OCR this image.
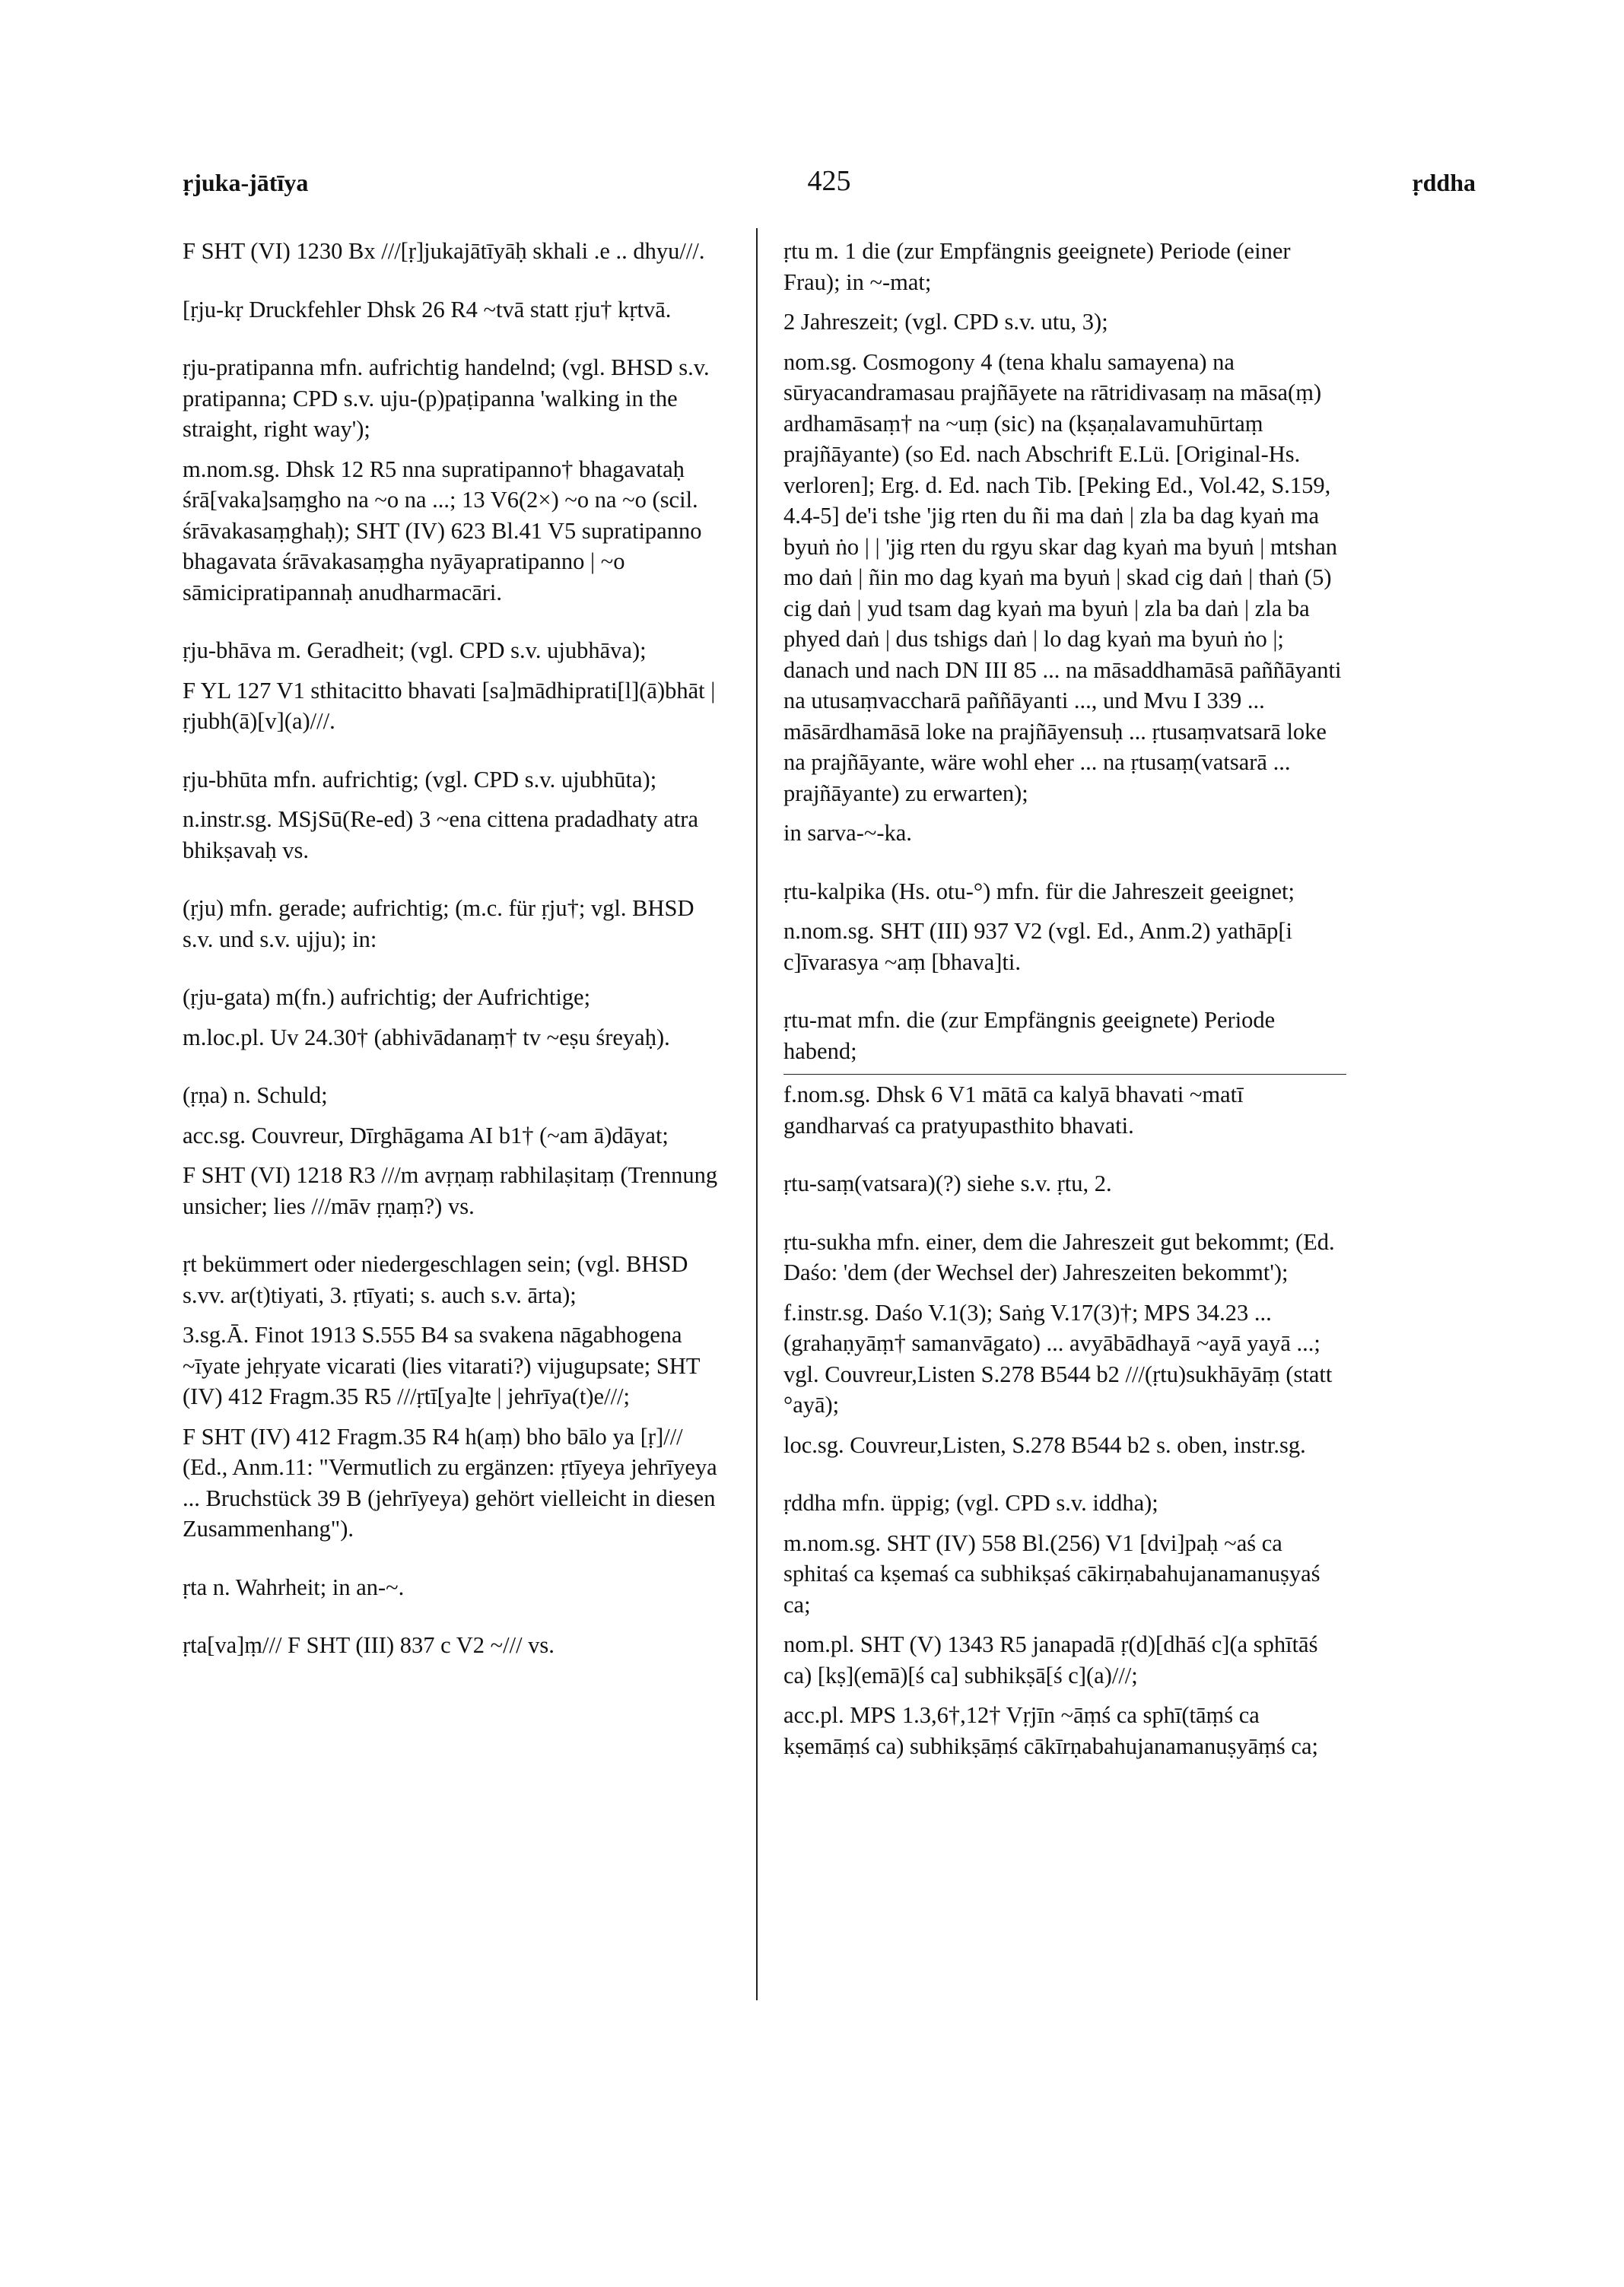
ṛjuka-jātīya	425	ṛddha

F SHT (VI) 1230 Bx ///[ṛ]jukajātīyāḥ skhali .e .. dhyu///.

[ṛju-kṛ Druckfehler Dhsk 26 R4 ~tvā statt ṛju† kṛtvā.

ṛju-pratipanna mfn. aufrichtig handelnd; (vgl. BHSD s.v. pratipanna; CPD s.v. uju-(p)paṭipanna 'walking in the straight, right way');

m.nom.sg. Dhsk 12 R5 nna supratipanno† bhagavataḥ śrā[vaka]saṃgho na ~o na ...; 13 V6(2×) ~o na ~o (scil. śrāvakasaṃghaḥ); SHT (IV) 623 Bl.41 V5 supratipanno bhagavata śrāvakasaṃgha nyāyapratipanno | ~o sāmicipratipannaḥ anudharmacāri.

ṛju-bhāva m. Geradheit; (vgl. CPD s.v. ujubhāva);

F YL 127 V1 sthitacitto bhavati [sa]mādhiprati[l](ā)bhāt | ṛjubh(ā)[v](a)///.

ṛju-bhūta mfn. aufrichtig; (vgl. CPD s.v. ujubhūta);

n.instr.sg. MSjSū(Re-ed) 3 ~ena cittena pradadhaty atra bhikṣavaḥ vs.

(ṛju) mfn. gerade; aufrichtig; (m.c. für ṛju†; vgl. BHSD s.v. und s.v. ujju); in:

(ṛju-gata) m(fn.) aufrichtig; der Aufrichtige;

m.loc.pl. Uv 24.30† (abhivādanaṃ† tv ~eṣu śreyaḥ).

(ṛṇa) n. Schuld;

acc.sg. Couvreur, Dīrghāgama AI b1† (~am ā)dāyat;

F SHT (VI) 1218 R3 ///m avṛṇaṃ rabhilaṣitaṃ (Trennung unsicher; lies ///māv ṛṇaṃ?) vs.

ṛt bekümmert oder niedergeschlagen sein; (vgl. BHSD s.vv. ar(t)tiyati, 3. ṛtīyati; s. auch s.v. ārta);

3.sg.Ā. Finot 1913 S.555 B4 sa svakena nāgabhogena ~īyate jehṛyate vicarati (lies vitarati?) vijugupsate; SHT (IV) 412 Fragm.35 R5 ///ṛtī[ya]te | jehrīya(t)e///;

F SHT (IV) 412 Fragm.35 R4 h(aṃ) bho bālo ya [ṛ]/// (Ed., Anm.11: "Vermutlich zu ergänzen: ṛtīyeya jehrīyeya ... Bruchstück 39 B (jehrīyeya) gehört vielleicht in diesen Zusammenhang").

ṛta n. Wahrheit; in an-~.

ṛta[va]ṃ/// F SHT (III) 837 c V2 ~/// vs.

ṛtu m. 1 die (zur Empfängnis geeignete) Periode (einer Frau); in ~-mat;

2 Jahreszeit; (vgl. CPD s.v. utu, 3);

nom.sg. Cosmogony 4 (tena khalu samayena) na sūryacandramasau prajñāyete na rātridivasaṃ na māsa(ṃ) ardhamāsaṃ† na ~uṃ (sic) na (kṣaṇalavamuhūrtaṃ prajñāyante) (so Ed. nach Abschrift E.Lü. [Original-Hs. verloren]; Erg. d. Ed. nach Tib. [Peking Ed., Vol.42, S.159, 4.4-5] de'i tshe 'jig rten du ñi ma daṅ | zla ba dag kyaṅ ma byuṅ ṅo | | 'jig rten du rgyu skar dag kyaṅ ma byuṅ | mtshan mo daṅ | ñin mo dag kyaṅ ma byuṅ | skad cig daṅ | thaṅ (5) cig daṅ | yud tsam dag kyaṅ ma byuṅ | zla ba daṅ | zla ba phyed daṅ | dus tshigs daṅ | lo dag kyaṅ ma byuṅ ṅo |; danach und nach DN III 85 ... na māsaddhamāsā paññāyanti na utusaṃvaccharā paññāyanti ..., und Mvu I 339 ... māsārdhamāsā loke na prajñāyensuḥ ... ṛtusaṃvatsarā loke na prajñāyante, wäre wohl eher ... na ṛtusaṃ(vatsarā ... prajñāyante) zu erwarten);

in sarva-~-ka.

ṛtu-kalpika (Hs. otu-°) mfn. für die Jahreszeit geeignet;

n.nom.sg. SHT (III) 937 V2 (vgl. Ed., Anm.2) yathāp[i c]īvarasya ~aṃ [bhava]ti.

ṛtu-mat mfn. die (zur Empfängnis geeignete) Periode habend;

f.nom.sg. Dhsk 6 V1 mātā ca kalyā bhavati ~matī gandharvaś ca pratyupasthito bhavati.

ṛtu-saṃ(vatsara)(?) siehe s.v. ṛtu, 2.

ṛtu-sukha mfn. einer, dem die Jahreszeit gut bekommt; (Ed. Daśo: 'dem (der Wechsel der) Jahreszeiten bekommt');

f.instr.sg. Daśo V.1(3); Saṅg V.17(3)†; MPS 34.23 ... (grahaṇyāṃ† samanvāgato) ... avyābādhayā ~ayā yayā ...; vgl. Couvreur,Listen S.278 B544 b2 ///(ṛtu)sukhāyāṃ (statt °ayā);

loc.sg. Couvreur,Listen, S.278 B544 b2 s. oben, instr.sg.

ṛddha mfn. üppig; (vgl. CPD s.v. iddha);

m.nom.sg. SHT (IV) 558 Bl.(256) V1 [dvi]paḥ ~aś ca sphitaś ca kṣemaś ca subhikṣaś cākirṇabahujanamanuṣyaś ca;

nom.pl. SHT (V) 1343 R5 janapadā ṛ(d)[dhāś c](a sphītāś ca) [kṣ](emā)[ś ca] subhikṣā[ś c](a)///;

acc.pl. MPS 1.3,6†,12† Vṛjīn ~āṃś ca sphī(tāṃś ca kṣemāṃś ca) subhikṣāṃś cākīrṇabahujanamanuṣyāṃś ca;
